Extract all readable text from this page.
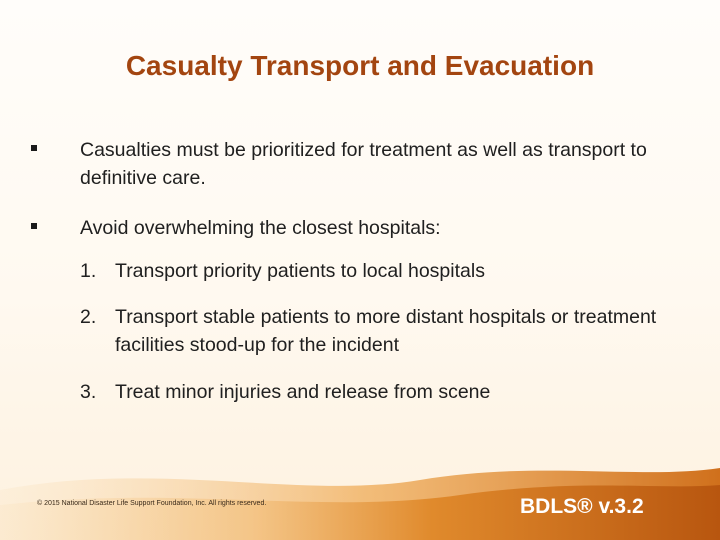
Casualty Transport and Evacuation
Casualties must be prioritized for treatment as well as transport to definitive care.
Avoid overwhelming the closest hospitals:
1. Transport priority patients to local hospitals
2. Transport stable patients to more distant hospitals or treatment facilities stood-up for the incident
3. Treat minor injuries and release from scene
© 2015 National Disaster Life Support Foundation, Inc. All rights reserved.	BDLS® v.3.2
